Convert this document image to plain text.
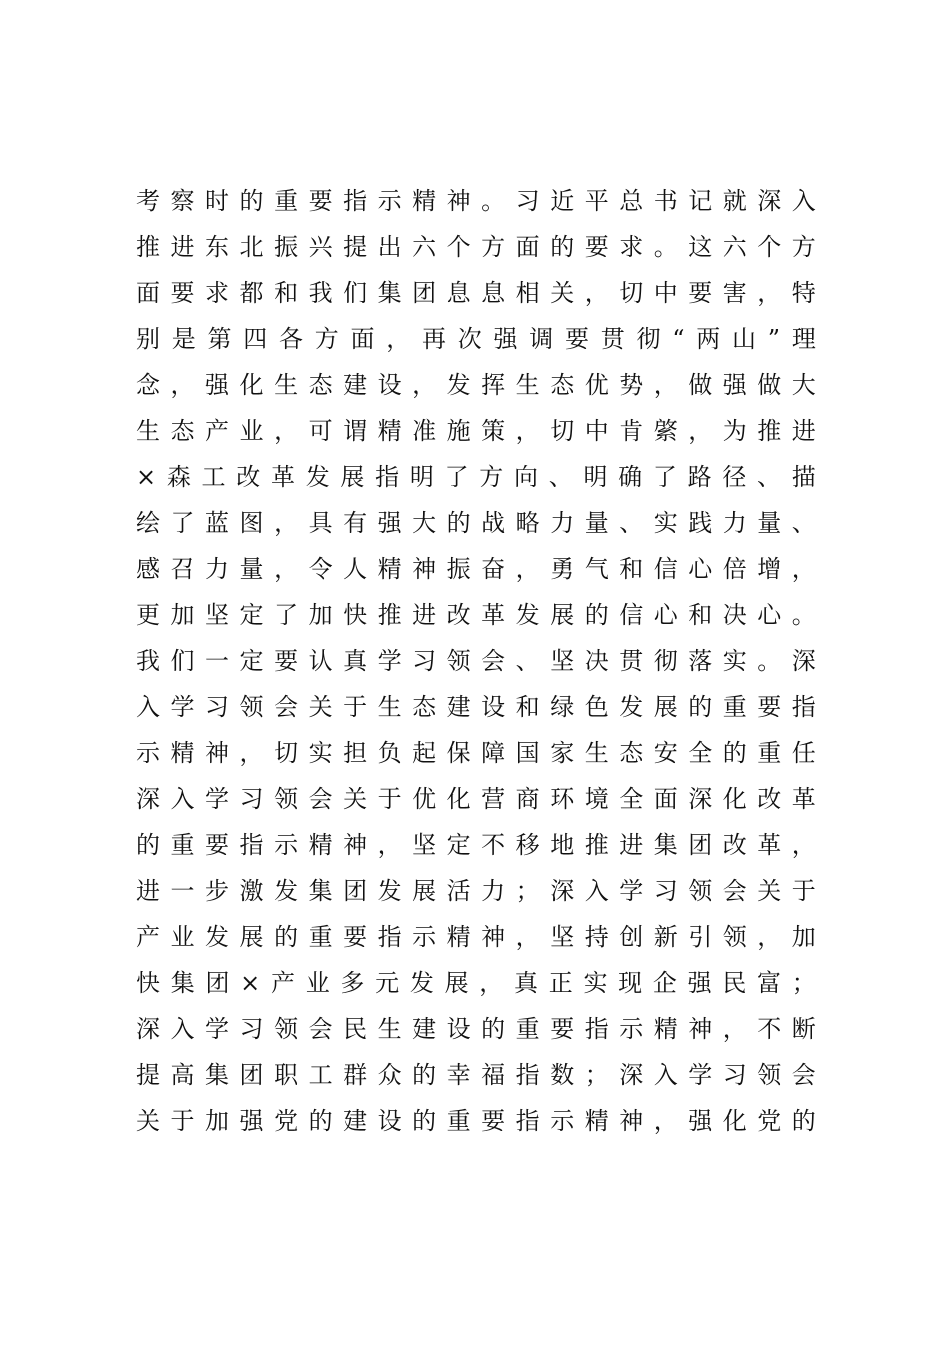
考 察 时 的 重 要 指 示 精 神 。 习 近 平 总 书 记 就 深 入
推 进 东 北 振 兴 提 出 六 个 方 面 的 要 求 。 这 六 个 方
面 要 求 都 和 我 们 集 团 息 息 相 关 ， 切 中 要 害 ， 特
别 是 第 四 各 方 面 ， 再 次 强 调 要 贯 彻 “ 两 山 ” 理
念 ， 强 化 生 态 建 设 ， 发 挥 生 态 优 势 ， 做 强 做 大
生 态 产 业 ， 可 谓 精 准 施 策 ， 切 中 肯 綮 ， 为 推 进
× 森 工 改 革 发 展 指 明 了 方 向 、 明 确 了 路 径 、 描
绘 了 蓝 图 ， 具 有 强 大 的 战 略 力 量 、 实 践 力 量 、
感 召 力 量 ， 令 人 精 神 振 奋 ， 勇 气 和 信 心 倍 增 ，
更 加 坚 定 了 加 快 推 进 改 革 发 展 的 信 心 和 决 心 。
我 们 一 定 要 认 真 学 习 领 会 、 坚 决 贯 彻 落 实 。 深
入 学 习 领 会 关 于 生 态 建 设 和 绿 色 发 展 的 重 要 指
示 精 神 ， 切 实 担 负 起 保 障 国 家 生 态 安 全 的 重 任
深 入 学 习 领 会 关 于 优 化 营 商 环 境 全 面 深 化 改 革
的 重 要 指 示 精 神 ， 坚 定 不 移 地 推 进 集 团 改 革 ，
进 一 步 激 发 集 团 发 展 活 力 ； 深 入 学 习 领 会 关 于
产 业 发 展 的 重 要 指 示 精 神 ， 坚 持 创 新 引 领 ， 加
快 集 团 × 产 业 多 元 发 展 ， 真 正 实 现 企 强 民 富 ；
深 入 学 习 领 会 民 生 建 设 的 重 要 指 示 精 神 ， 不 断
提 高 集 团 职 工 群 众 的 幸 福 指 数 ； 深 入 学 习 领 会
关 于 加 强 党 的 建 设 的 重 要 指 示 精 神 ， 强 化 党 的
